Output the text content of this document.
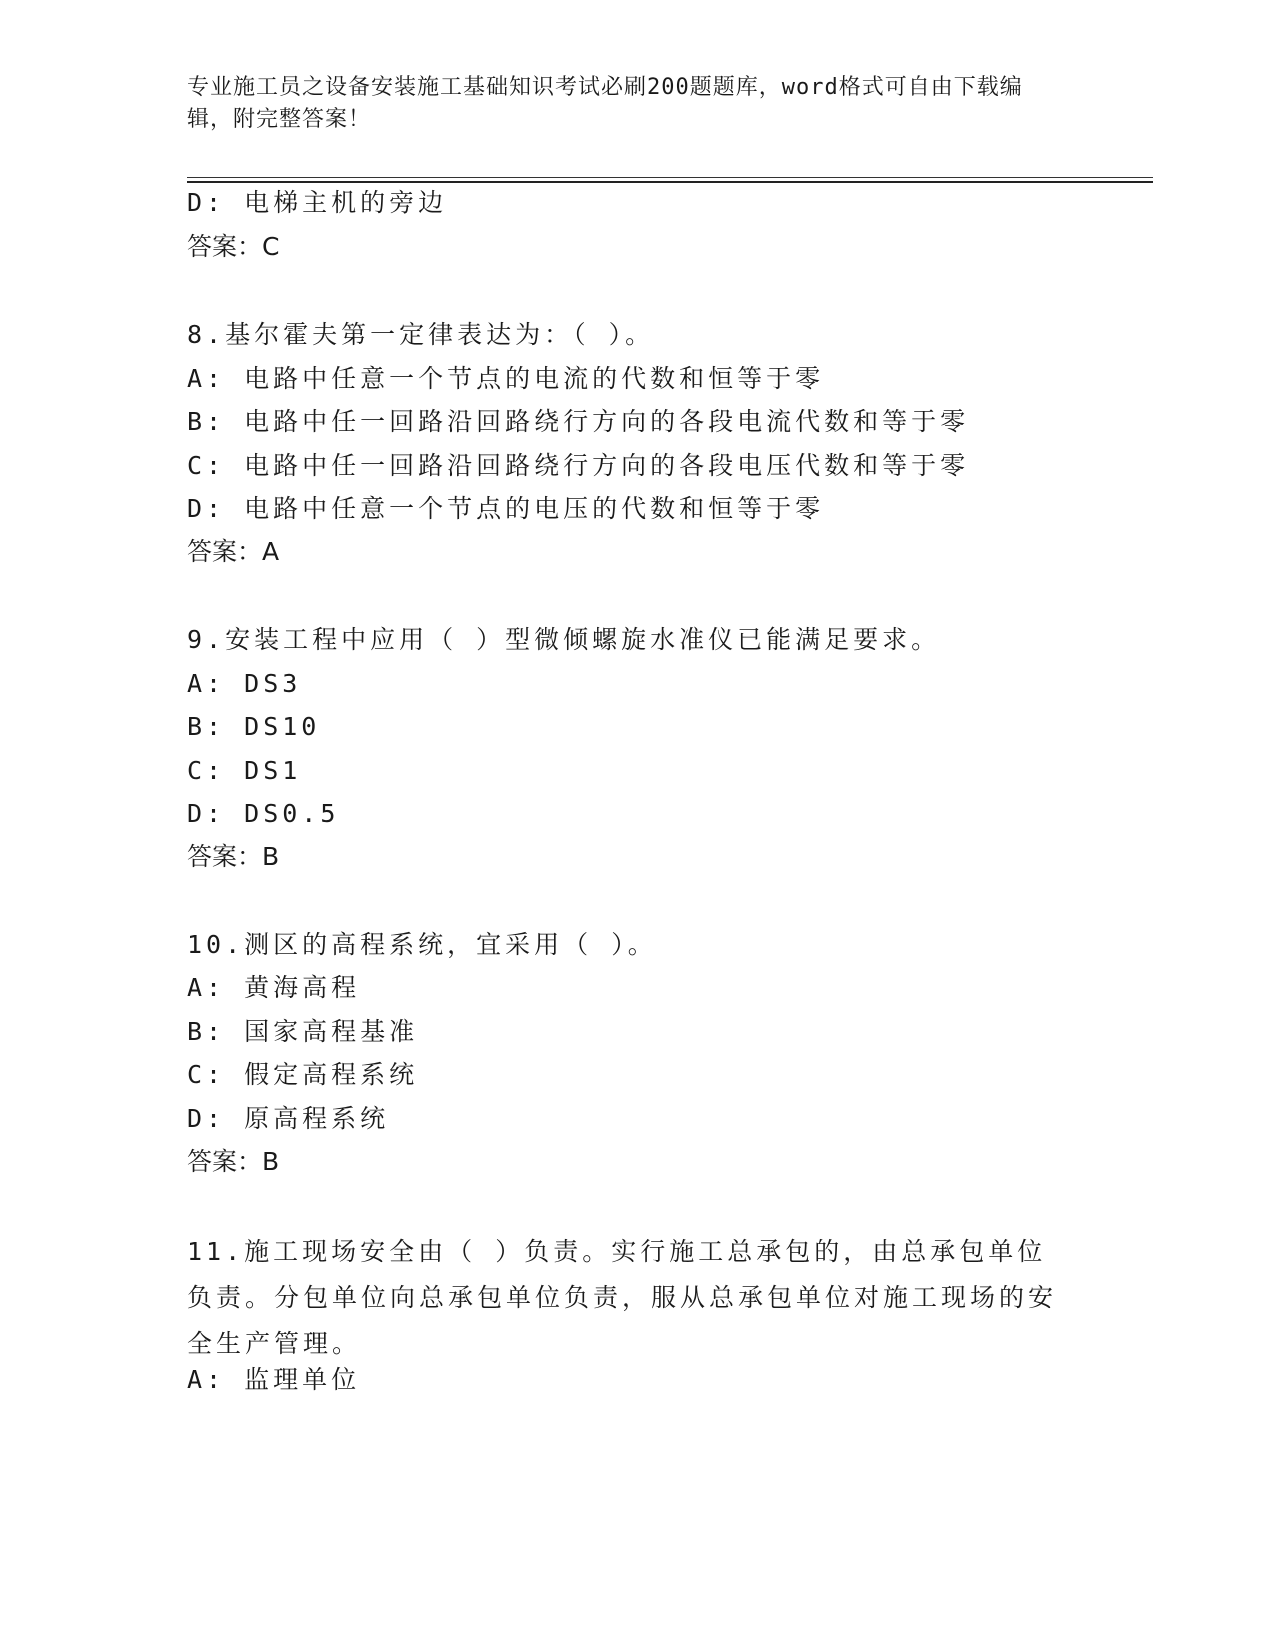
专业施工员之设备安装施工基础知识考试必刷200题题库，word格式可自由下载编辑，附完整答案！
D: 电梯主机的旁边
答案：C
8.基尔霍夫第一定律表达为：（ ）。
A: 电路中任意一个节点的电流的代数和恒等于零
B: 电路中任一回路沿回路绕行方向的各段电流代数和等于零
C: 电路中任一回路沿回路绕行方向的各段电压代数和等于零
D: 电路中任意一个节点的电压的代数和恒等于零
答案：A
9.安装工程中应用（ ）型微倾螺旋水准仪已能满足要求。
A: DS3
B: DS10
C: DS1
D: DS0.5
答案：B
10.测区的高程系统，宜采用（ ）。
A: 黄海高程
B: 国家高程基准
C: 假定高程系统
D: 原高程系统
答案：B
11.施工现场安全由（ ）负责。实行施工总承包的，由总承包单位负责。分包单位向总承包单位负责，服从总承包单位对施工现场的安全生产管理。
A: 监理单位
